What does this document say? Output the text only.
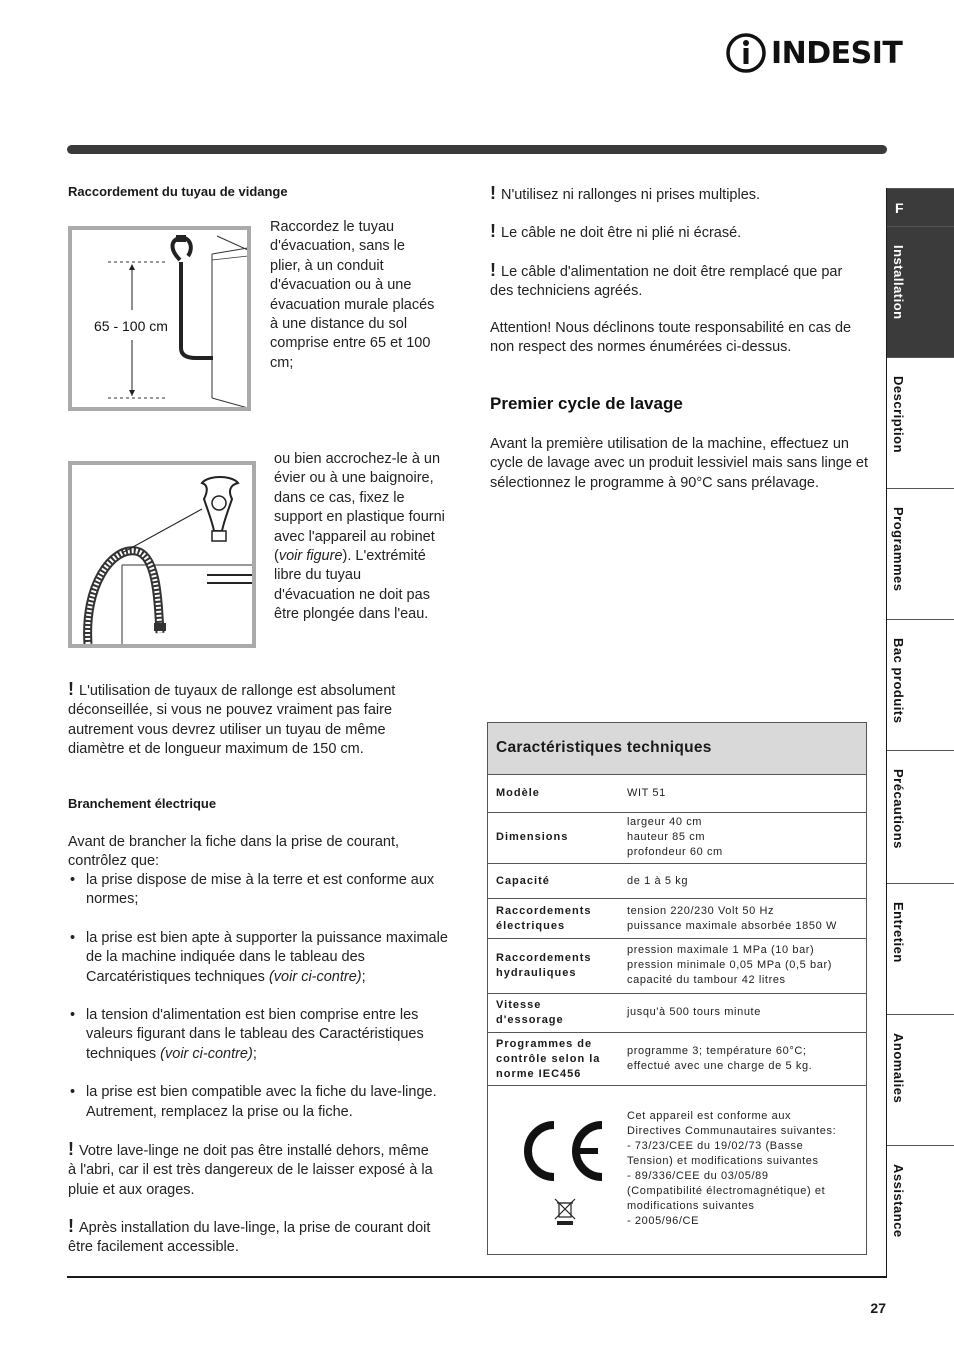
INDESIT
F
Installation
Description
Programmes
Bac produits
Précautions
Entretien
Anomalies
Assistance
Raccordement du tuyau de vidange
65 - 100 cm

Raccordez le tuyau d'évacuation, sans le plier, à un conduit d'évacuation ou à une évacuation murale placés à une distance du sol comprise entre 65 et 100 cm;

ou bien accrochez-le à un évier ou à une baignoire, dans ce cas, fixez le support en plastique fourni avec l'appareil au robinet (voir figure). L'extrémité libre du tuyau d'évacuation ne doit pas être plongée dans l'eau.

! L'utilisation de tuyaux de rallonge est absolument déconseillée, si vous ne pouvez vraiment pas faire autrement vous devrez utiliser un tuyau de même diamètre et de longueur maximum de 150 cm.

Branchement électrique

Avant de brancher la fiche dans la prise de courant, contrôlez que:

• la prise dispose de mise à la terre et est conforme aux normes;
• la prise est bien apte à supporter la puissance maximale de la machine indiquée dans le tableau des Carcatéristiques techniques (voir ci-contre);
• la tension d'alimentation est bien comprise entre les valeurs figurant dans le tableau des Caractéristiques techniques (voir ci-contre);
• la prise est bien compatible avec la fiche du lave-linge. Autrement, remplacez la prise ou la fiche.

! Votre lave-linge ne doit pas être installé dehors, même à l'abri, car il est très dangereux de le laisser exposé à la pluie et aux orages.

! Après installation du lave-linge, la prise de courant doit être facilement accessible.

! N'utilisez ni rallonges ni prises multiples.

! Le câble ne doit être ni plié ni écrasé.

! Le câble d'alimentation ne doit être remplacé que par des techniciens agréés.

Attention! Nous déclinons toute responsabilité en cas de non respect des normes énumérées ci-dessus.

Premier cycle de lavage

Avant la première utilisation de la machine, effectuez un cycle de lavage avec un produit lessiviel mais sans linge et sélectionnez le programme à 90°C sans prélavage.

Caractéristiques techniques
Modèle	WIT 51
Dimensions
largeur 40 cm
hauteur 85 cm
profondeur 60 cm
Capacité	de 1 à 5 kg
Raccordements
électriques
tension 220/230 Volt 50 Hz
puissance maximale absorbée 1850 W
Raccordements
hydrauliques
pression maximale 1 MPa (10 bar)
pression minimale 0,05 MPa (0,5 bar)
capacité du tambour 42 litres
Vitesse
d'essorage
jusqu'à 500 tours minute
Programmes de
contrôle selon la
norme IEC456
programme 3; température 60°C;
effectué avec une charge de 5 kg.
Cet appareil est conforme aux
Directives Communautaires suivantes:
- 73/23/CEE du 19/02/73 (Basse
Tension) et modifications suivantes
- 89/336/CEE du 03/05/89
(Compatibilité électromagnétique) et
modifications suivantes
- 2005/96/CE
27
